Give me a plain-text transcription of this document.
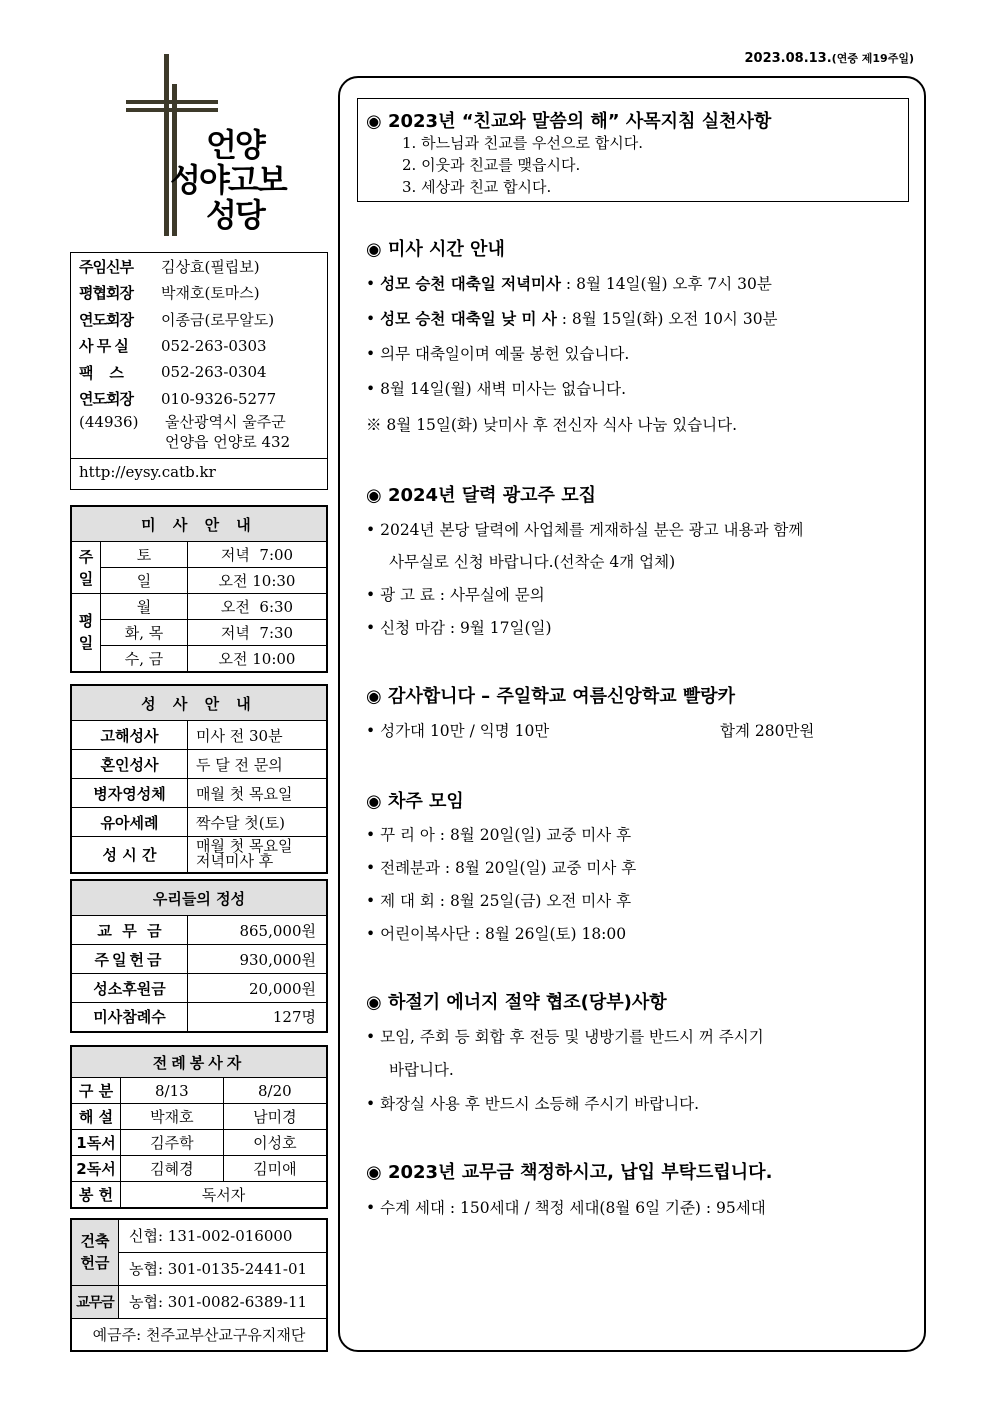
2023.08.13.(연중 제19주일)
언양
성야고보
성당
주임신부	김상효(필립보)
평협회장	박재호(토마스)
연도회장	이종금(로무알도)
사 무 실	052-263-0303
팩    스	052-263-0304
연도회장	010-9326-5277
(44936)	울산광역시 울주군
언양읍 언양로 432
http://eysy.catb.kr
미 사 안 내		
주일	토	저녁  7:00
	일	오전 10:30
평일	월	오전  6:30
	화, 목	저녁  7:30
	수, 금	오전 10:00
성 사 안 내	
고해성사	미사 전 30분
혼인성사	두 달 전 문의
병자영성체	매월 첫 목요일
유아세례	짝수달 첫(토)
성 시 간	매월 첫 목요일
저녁미사 후
우리들의 정성	
교  무  금	865,000원
주일헌금	930,000원
성소후원금	20,000원
미사참례수	127명
전례봉사자		
구 분	8/13	8/20
해 설	박재호	남미경
1독서	김주학	이성호
2독서	김혜경	김미애
봉 헌	독서자	
건축헌금	신협: 131-002-016000
	농협: 301-0135-2441-01
교무금	농협: 301-0082-6389-11
예금주: 천주교부산교구유지재단	
◉ 2023년 “친교와 말씀의 해” 사목지침 실천사항
1. 하느님과 친교를 우선으로 합시다.
2. 이웃과 친교를 맺읍시다.
3. 세상과 친교 합시다.
◉ 미사 시간 안내
• 성모 승천 대축일 저녁미사 : 8월 14일(월) 오후 7시 30분
• 성모 승천 대축일 낮 미 사 : 8월 15일(화) 오전 10시 30분
• 의무 대축일이며 예물 봉헌 있습니다.
• 8월 14일(월) 새벽 미사는 없습니다.
※ 8월 15일(화) 낮미사 후 전신자 식사 나눔 있습니다.
◉ 2024년 달력 광고주 모집
• 2024년 본당 달력에 사업체를 게재하실 분은 광고 내용과 함께
사무실로 신청 바랍니다.(선착순 4개 업체)
• 광 고 료 : 사무실에 문의
• 신청 마감 : 9월 17일(일)
◉ 감사합니다 – 주일학교 여름신앙학교 빨랑카
• 성가대 10만 / 익명 10만	합계 280만원
◉ 차주 모임
• 꾸 리 아 : 8월 20일(일) 교중 미사 후
• 전례분과 : 8월 20일(일) 교중 미사 후
• 제 대 회 : 8월 25일(금) 오전 미사 후
• 어린이복사단 : 8월 26일(토) 18:00
◉ 하절기 에너지 절약 협조(당부)사항
• 모임, 주회 등 회합 후 전등 및 냉방기를 반드시 꺼 주시기
바랍니다.
• 화장실 사용 후 반드시 소등해 주시기 바랍니다.
◉ 2023년 교무금 책정하시고, 납입 부탁드립니다.
• 수계 세대 : 150세대 / 책정 세대(8월 6일 기준) : 95세대
